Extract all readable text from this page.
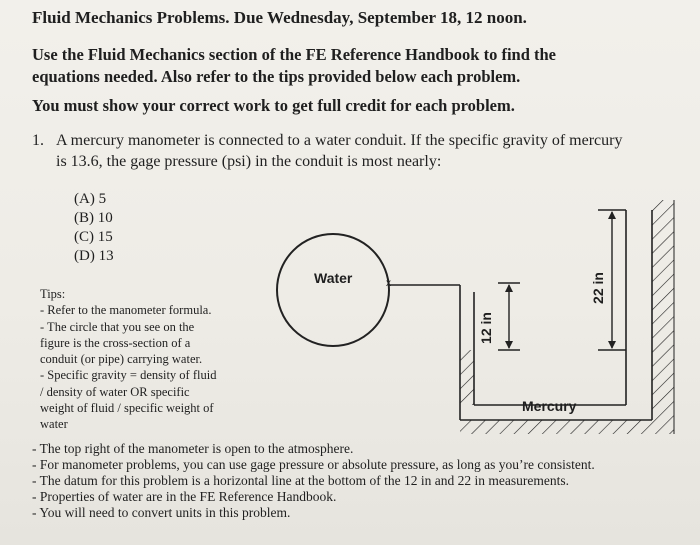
Fluid Mechanics Problems. Due Wednesday, September 18, 12 noon.
Use the Fluid Mechanics section of the FE Reference Handbook to find the
equations needed. Also refer to the tips provided below each problem.
You must show your correct work to get full credit for each problem.
1. A mercury manometer is connected to a water conduit. If the specific gravity of mercury
is 13.6, the gage pressure (psi) in the conduit is most nearly:
(A) 5
(B) 10
(C) 15
(D) 13
Tips:
- Refer to the manometer formula.
- The circle that you see on the
figure is the cross-section of a
conduit (or pipe) carrying water.
- Specific gravity = density of fluid
/ density of water OR specific
weight of fluid / specific weight of
water
- The top right of the manometer is open to the atmosphere.
- For manometer problems, you can use gage pressure or absolute pressure, as long as you’re consistent.
- The datum for this problem is a horizontal line at the bottom of the 12 in and 22 in measurements.
- Properties of water are in the FE Reference Handbook.
- You will need to convert units in this problem.
Water	x
Mercury
12 in
22 in
